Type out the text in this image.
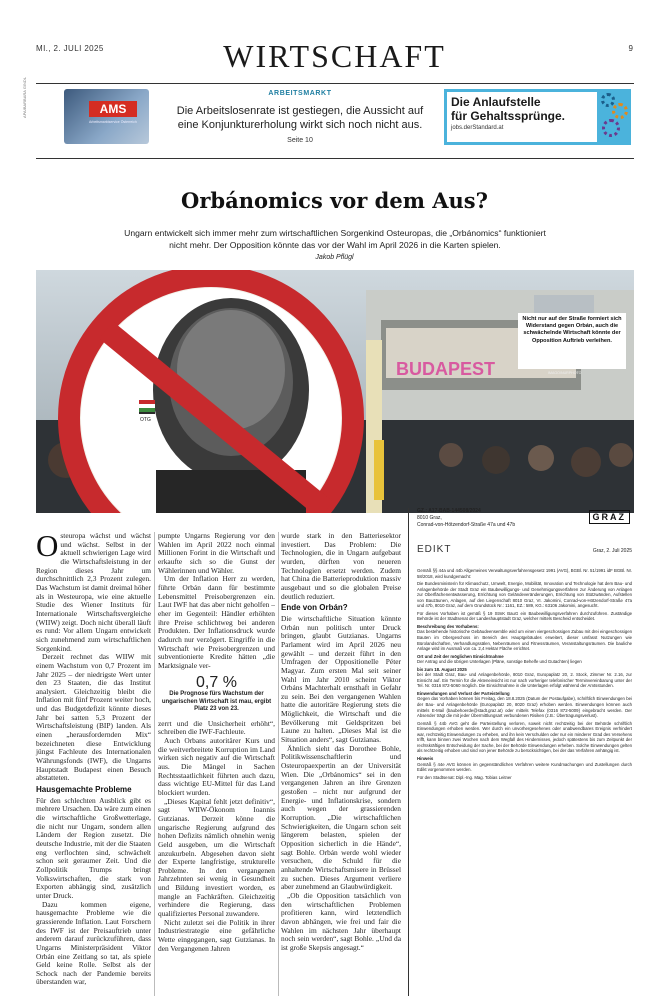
MI., 2. JULI 2025	WIRTSCHAFT	9
AMS
Arbeitsmarktservice Österreich
APA/BARBARA GINDL	ARBEITSMARKT
Die Arbeitslosenrate ist gestiegen, die Aussicht auf eine Konjunkturerholung wirkt sich noch nicht aus.
Seite 10
Die Anlaufstelle
für Gehaltssprünge.
jobs.derStandard.at
Orbánomics vor dem Aus?
Ungarn entwickelt sich immer mehr zum wirtschaftlichen Sorgenkind Osteuropas, die „Orbánomics“ funktioniert nicht mehr. Der Opposition könnte das vor der Wahl im April 2026 in die Karten spielen.
Jakob Pflügl
BUDAPEST
OTG
Nicht nur auf der Straße formiert sich Widerstand gegen Orbán, auch die schwächelnde Wirtschaft könnte der Opposition Auftrieb verleihen.
IMAGO/NURPHOTO
O steuropa wächst und wächst und wächst. Selbst in der aktuell schwierigen Lage wird die Wirtschaftsleistung in der Region dieses Jahr um durchschnittlich 2,3 Prozent zulegen. Das Wachstum ist damit dreimal höher als in Westeuropa, wie eine aktuelle Studie des Wiener Instituts für Internationale Wirtschaftsvergleiche (WIIW) zeigt. Doch nicht überall läuft es rund: Vor allem Ungarn entwickelt sich zunehmend zum wirtschaftlichen Sorgenkind.

Derzeit rechnet das WIIW mit einem Wachstum von 0,7 Prozent im Jahr 2025 – der niedrigste Wert unter den 23 Staaten, die das Institut analysiert. Gleichzeitig bleibt die Inflation mit fünf Prozent weiter hoch, und das Budgetdefizit könnte dieses Jahr bei satten 5,3 Prozent der Wirtschaftsleistung (BIP) landen. Als einen „herausfordernden Mix“ bezeichneten diese Entwicklung jüngst Fachleute des Internationalen Währungsfonds (IWF), die Ungarns Hauptstadt Budapest einen Besuch abstatteten.

Hausgemachte Probleme

Für den schlechten Ausblick gibt es mehrere Ursachen. Da wäre zum einen die wirtschaftliche Großwetterlage, die nicht nur Ungarn, sondern allen Ländern der Region zusetzt. Die deutsche Industrie, mit der die Staaten eng verflochten sind, schwächelt schon seit geraumer Zeit. Und die Zollpolitik Trumps bringt Volkswirtschaften, die stark von Exporten abhängig sind, zusätzlich unter Druck.

Dazu kommen eigene, hausgemachte Probleme wie die grassierende Inflation. Laut Forschern des IWF ist der Preisauftrieb unter anderem darauf zurückzuführen, dass Ungarns Ministerpräsident Viktor Orbán eine Zeitlang so tat, als spiele Geld keine Rolle. Selbst als der Schock nach der Pandemie bereits überstanden war,

pumpte Ungarns Regierung vor den Wahlen im April 2022 noch einmal Millionen Forint in die Wirtschaft und erkaufte sich so die Gunst der Wählerinnen und Wähler.

Um der Inflation Herr zu werden, führte Orbán dann für bestimmte Lebensmittel Preisobergrenzen ein. Laut IWF hat das aber nicht geholfen – eher im Gegenteil: Händler erhöhten ihre Preise schlichtweg bei anderen Produkten. Der Inflationsdruck wurde dadurch nur verzögert. Eingriffe in die Wirtschaft wie Preisobergrenzen und subventionierte Kredite hätten „die Marktsignale ver-

0,7 %
Die Prognose fürs Wachstum der ungarischen Wirtschaft ist mau, ergibt Platz 23 von 23.

zerrt und die Unsicherheit erhöht“, schreiben die IWF-Fachleute.

Auch Orbans autoritärer Kurs und die weitverbreitete Korruption im Land wirken sich negativ auf die Wirtschaft aus. Die Mängel in Sachen Rechtsstaatlichkeit führten auch dazu, dass wichtige EU-Mittel für das Land blockiert wurden.

„Dieses Kapital fehlt jetzt definitiv“, sagt WIIW-Ökonom Ioannis Gutzianas. Derzeit könne die ungarische Regierung aufgrund des hohen Defizits nämlich ohnehin wenig Geld ausgeben, um die Wirtschaft anzukurbeln. Abgesehen davon sieht der Experte langfristige, strukturelle Probleme. In den vergangenen Jahrzehnten sei wenig in Gesundheit und Bildung investiert worden, es mangle an Fachkräften. Gleichzeitig verhindere die Regierung, dass qualifiziertes Personal zuwandere.

Nicht zuletzt sei die Politik in ihrer Industriestrategie eine gefährliche Wette eingegangen, sagt Gutzianas. In den Vergangenen Jahren

wurde stark in den Batteriesektor investiert. Das Problem: Die Technologien, die in Ungarn aufgebaut wurden, dürften von neueren Technologien ersetzt werden. Zudem hat China die Batterieproduktion massiv ausgebaut und so die globalen Preise deutlich reduziert.

Ende von Orbán?

Die wirtschaftliche Situation könnte Orbán nun politisch unter Druck bringen, glaubt Gutzianas. Ungarns Parlament wird im April 2026 neu gewählt – und derzeit führt in den Umfragen der Oppositionelle Péter Magyar. Zum ersten Mal seit seiner Wahl im Jahr 2010 scheint Viktor Orbáns Machterhalt ernsthaft in Gefahr zu sein. Bei den vergangenen Wahlen hatte die autoritäre Regierung stets die Möglichkeit, die Wirtschaft und die Bevölkerung mit Geldspritzen bei Laune zu halten. „Dieses Mal ist die Situation anders“, sagt Gutzianas.

Ähnlich sieht das Dorothee Bohle, Politikwissenschaftlerin und Osteuropaexpertin an der Universität Wien. Die „Orbánomics“ sei in den vergangenen Jahren an ihre Grenzen gestoßen – nicht nur aufgrund der Energie- und Inflationskrise, sondern auch wegen der grassierenden Korruption. „Die wirtschaftlichen Schwierigkeiten, die Ungarn schon seit längerem belasten, spielen der Opposition sicherlich in die Hände“, sagt Bohle. Orbán werde wohl wieder versuchen, die Schuld für die anhaltende Wirtschaftsmisere in Brüssel zu suchen. Dieses Argument verliere aber zunehmend an Glaubwürdigkeit.

„Ob die Opposition tatsächlich von den wirtschaftlichen Problemen profitieren kann, wird letztendlich davon abhängen, wie frei und fair die Wahlen im nächsten Jahr überhaupt noch sein werden“, sagt Bohle. „Und da ist große Skepsis angesagt.“

GZ.: A17-BAB-144508/2024
8010 Graz,
Conrad-von-Hötzendorf-Straße 47a und 47b
GRAZ
EDIKT	Graz, 2. Juli 2025

Gemäß §§ 44a und 44b Allgemeines Verwaltungsverfahrensgesetz 1991 (AVG), BGBl. Nr. 51/1991 idF BGBl. Nr. 58/2018, wird kundgemacht:

Die Bundesministerin für Klimaschutz, Umwelt, Energie, Mobilität, Innovation und Technologie hat dem Bau- und Anlagenbehörde der Stadt Graz ein Baubewilligungs- und Genehmigungsverfahren zur Änderung von Anlagen zur Oberflächenentwässerung, Errichtung von Geländeveränderungen, Errichtung von Stützwänden, Aufstellen von Bauzäunen, Anlagen, auf den Liegenschaft 8010 Graz, VI. Jakomini, Conrad-von-Hötzendorf-Straße 47a und 47b, 8010 Graz, auf dem Grundstück Nr.: 1161, EZ.: 589, KG.: 63106 Jakomini, angesucht.

Für dieses Vorhaben ist gemäß § 19 StmK BauG ein Baubewilligungsverfahren durchzuführen. Zuständige Behörde ist der Stadtsenat der Landeshauptstadt Graz, welcher mittels Bescheid entscheidet.

Beschreibung des Vorhabens:

Das bestehende historische Gebäudeensemble wird um einen viergeschossigen Zubau mit drei eingeschossigen Bauten im Obergeschoss im Bereich des Hauptgebäudes erweitert, dieser umfasst Nutzungen wie Bürolandschaften, Verhandlungssälen, Nebenräumen und Fitnessräumen, Veranstaltungsräumen. Die bauliche Anlage wird im Ausmaß von ca. 2,4 Hektar Fläche errichtet.

Ort und Zeit der möglichen Einsichtnahme

Der Antrag und die übrigen Unterlagen (Pläne, sonstige Behelfe und Gutachten) liegen

bis zum 18. August 2025

bei der Stadt Graz, Bau- und Anlagenbehörde, 8010 Graz, Europaplatz 20, 2. Stock, Zimmer Nr. 2.16, zur Einsicht auf. Ein Termin für die Akteneinsicht ist nur nach vorheriger telefonischer Terminvereinbarung unter der Tel. Nr. 0316 872-5060 möglich. Die Einsichtnahme in die Unterlagen erfolgt während der Amtsstunden.

Einwendungen und Verlust der Parteistellung

Gegen das Vorhaben können bis Freitag, den 18.8.2025 (Datum der Postaufgabe), schriftlich Einwendungen bei der Bau- und Anlagenbehörde (Europaplatz 20, 8020 Graz) erhoben werden. Einwendungen können auch mittels E-Mail (baubehoerde@stadt.graz.at) oder mittels Telefax (0316 872-5009) eingebracht werden. Der Absender trägt die mit jeder Übermittlungsart verbundenen Risiken (z.B.: Übertragungsverlust).

Gemäß § 44b AVG geht die Parteistellung verloren, soweit nicht rechtzeitig bei der Behörde schriftlich Einwendungen erhoben werden. Wer durch ein unvorhergesehenes oder unabwendbares Ereignis verhindert war, rechtzeitig Einwendungen zu erheben, und ihn kein Verschulden oder nur ein minderer Grad des Versehens trifft, kann binnen zwei Wochen nach dem Wegfall des Hindernisses, jedoch spätestens bis zum Zeitpunkt der rechtskräftigen Entscheidung der Sache, bei der Behörde Einwendungen erheben. Solche Einwendungen gelten als rechtzeitig erhoben und sind von jener Behörde zu berücksichtigen, bei der das Verfahren anhängig ist.

Hinweis

Gemäß § 44e AVG können im gegenständlichen Verfahren weitere Kundmachungen und Zustellungen durch Edikt vorgenommen werden.

Für den Stadtsenat: Dipl.-Ing. Mag. Tobias Leitner
